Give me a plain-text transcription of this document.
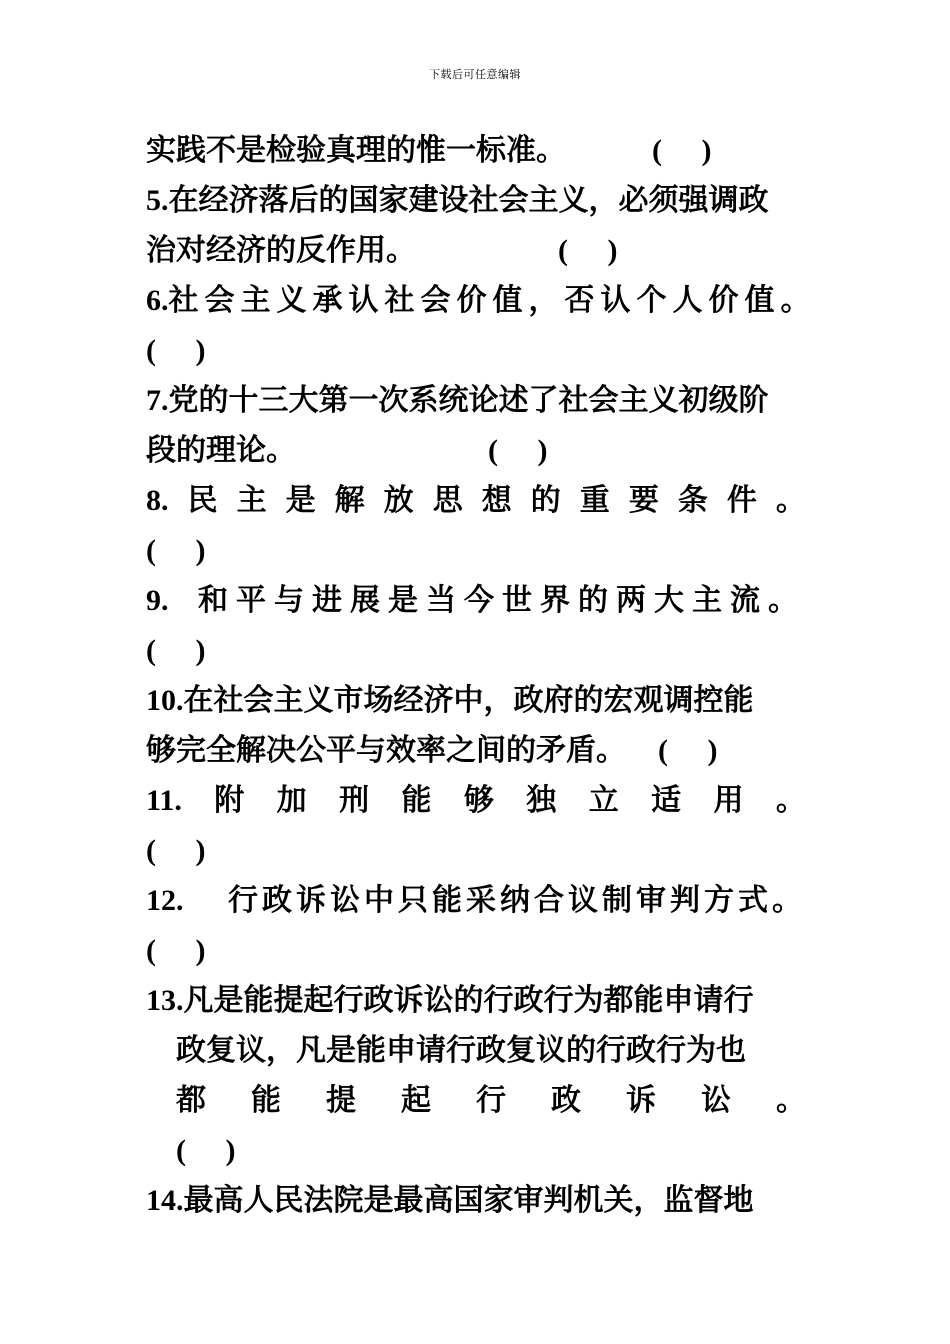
下载后可任意编辑
实践不是检验真理的惟一标准。	( )
5.在经济落后的国家建设社会主义，必须强调政
治对经济的反作用。	( )
6. 社会主义承认社会价值，否认个人价值。
( )
7. 党的十三大第一次系统论述了社会主义初级阶
段的理论。	( )
8. 民 主 是 解 放 思 想 的 重 要 条 件 。
( )
9. 和平与进展是当今世界的两大主流。
( )
10. 在社会主义市场经济中，政府的宏观调控能
够完全解决公平与效率之间的矛盾。 ( )
11. 附 加 刑 能 够 独 立 适 用 。
( )
12. 行政诉讼中只能采纳合议制审判方式。
( )
13. 凡是能提起行政诉讼的行政行为都能申请行
政复议，凡是能申请行政复议的行政行为也
都 能 提 起 行 政 诉 讼 。
( )
14. 最高人民法院是最高国家审判机关，监督地
